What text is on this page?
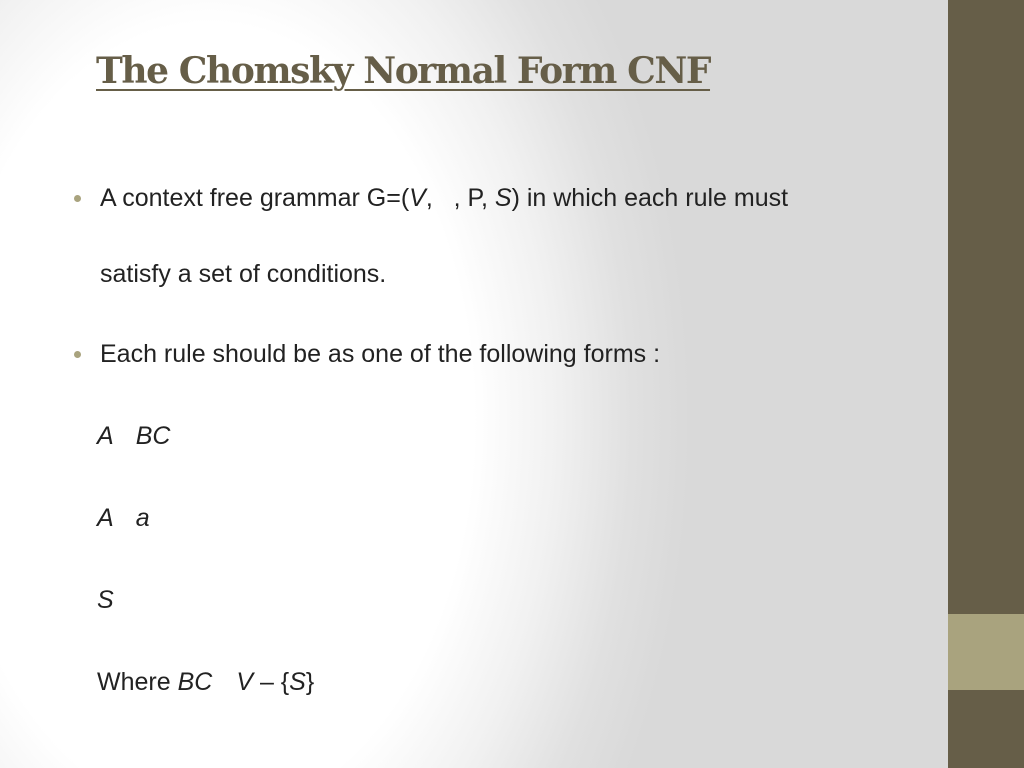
The Chomsky Normal Form CNF
A context free grammar G=(V,   , P, S) in which each rule must
satisfy a set of conditions.
Each rule should be as one of the following forms :
A BC
A a
S
Where BC V – {S}
